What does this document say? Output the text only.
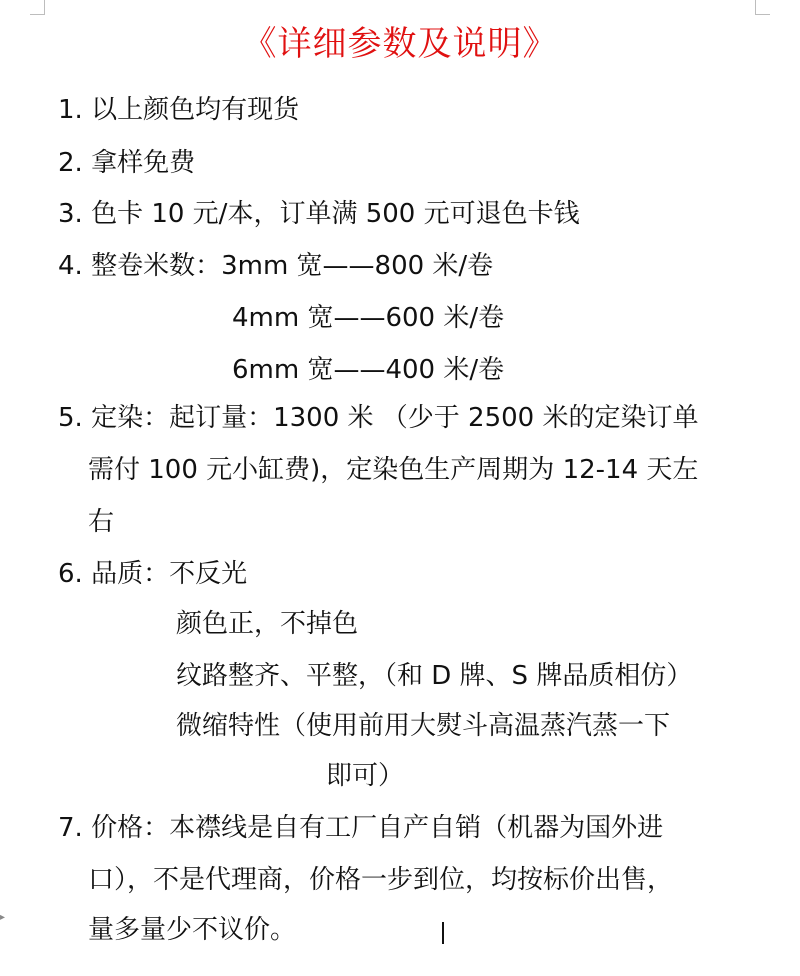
《详细参数及说明》
1. 以上颜色均有现货
2. 拿样免费
3. 色卡 10 元/本，订单满 500 元可退色卡钱
4. 整卷米数：3mm 宽——800 米/卷
4mm 宽——600 米/卷
6mm 宽——400 米/卷
5. 定染：起订量：1300 米 （少于 2500 米的定染订单
需付 100 元小缸费)，定染色生产周期为 12-14 天左
右
6. 品质：不反光
颜色正，不掉色
纹路整齐、平整，（和 D 牌、S 牌品质相仿）
微缩特性（使用前用大熨斗高温蒸汽蒸一下
即可）
7. 价格：本襟线是自有工厂自产自销（机器为国外进
口），不是代理商，价格一步到位，均按标价出售，
量多量少不议价。
▸
